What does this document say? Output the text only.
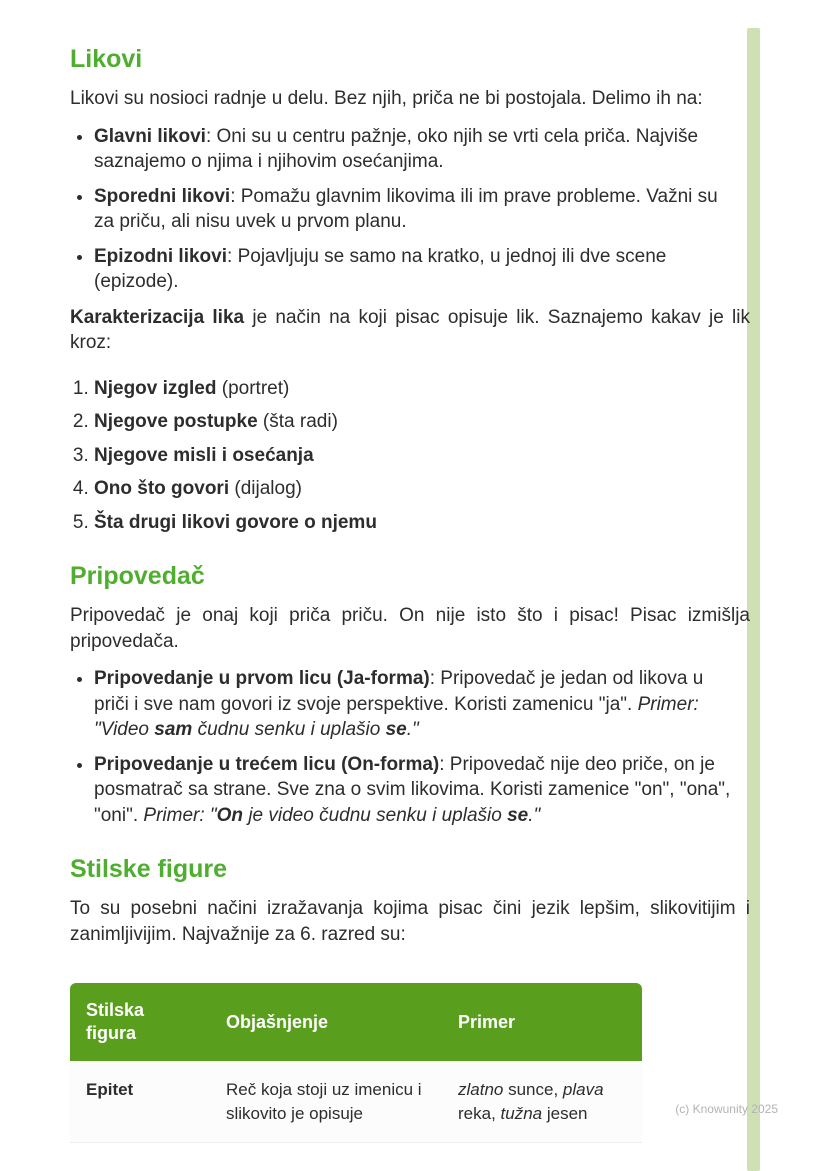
Likovi

Likovi su nosioci radnje u delu. Bez njih, priča ne bi postojala. Delimo ih na:

• Glavni likovi: Oni su u centru pažnje, oko njih se vrti cela priča. Najviše saznajemo o njima i njihovim osećanjima.
• Sporedni likovi: Pomažu glavnim likovima ili im prave probleme. Važni su za priču, ali nisu uvek u prvom planu.
• Epizodni likovi: Pojavljuju se samo na kratko, u jednoj ili dve scene (epizode).

Karakterizacija lika je način na koji pisac opisuje lik. Saznajemo kakav je lik kroz:

1. Njegov izgled (portret)
2. Njegove postupke (šta radi)
3. Njegove misli i osećanja
4. Ono što govori (dijalog)
5. Šta drugi likovi govore o njemu
Pripovedač

Pripovedač je onaj koji priča priču. On nije isto što i pisac! Pisac izmišlja pripovedača.

• Pripovedanje u prvom licu (Ja-forma): Pripovedač je jedan od likova u priči i sve nam govori iz svoje perspektive. Koristi zamenicu "ja". Primer: "Video sam čudnu senku i uplašio se."
• Pripovedanje u trećem licu (On-forma): Pripovedač nije deo priče, on je posmatrač sa strane. Sve zna o svim likovima. Koristi zamenice "on", "ona", "oni". Primer: "On je video čudnu senku i uplašio se."
Stilske figure

To su posebni načini izražavanja kojima pisac čini jezik lepšim, slikovitijim i zanimljivijim. Najvažnije za 6. razred su:

Stilska figura	Objašnjenje	Primer
Epitet	Reč koja stoji uz imenicu i slikovito je opisuje	zlatno sunce, plava reka, tužna jesen	(c) Knowunity 2025
